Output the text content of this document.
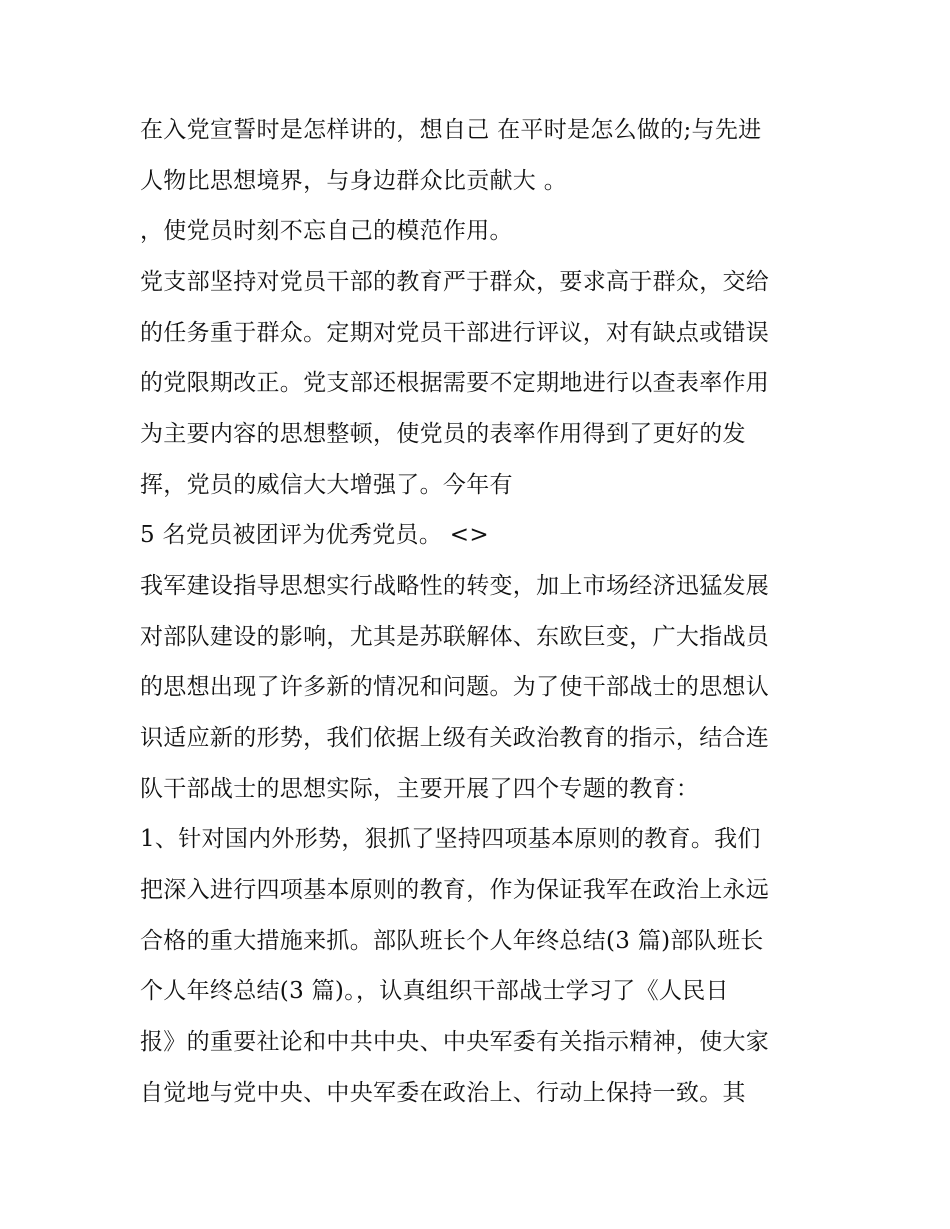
在入党宣誓时是怎样讲的，想自己 在平时是怎么做的;与先进
人物比思想境界，与身边群众比贡献大 。
，使党员时刻不忘自己的模范作用。
党支部坚持对党员干部的教育严于群众，要求高于群众，交给
的任务重于群众。定期对党员干部进行评议，对有缺点或错误
的党限期改正。党支部还根据需要不定期地进行以查表率作用
为主要内容的思想整顿，使党员的表率作用得到了更好的发
挥，党员的威信大大增强了。今年有
5 名党员被团评为优秀党员。 <>
我军建设指导思想实行战略性的转变，加上市场经济迅猛发展
对部队建设的影响，尤其是苏联解体、东欧巨变，广大指战员
的思想出现了许多新的情况和问题。为了使干部战士的思想认
识适应新的形势，我们依据上级有关政治教育的指示，结合连
队干部战士的思想实际，主要开展了四个专题的教育：
1、针对国内外形势，狠抓了坚持四项基本原则的教育。我们
把深入进行四项基本原则的教育，作为保证我军在政治上永远
合格的重大措施来抓。部队班长个人年终总结(3 篇)部队班长
个人年终总结(3 篇)。，认真组织干部战士学习了《人民日
报》的重要社论和中共中央、中央军委有关指示精神，使大家
自觉地与党中央、中央军委在政治上、行动上保持一致。其
